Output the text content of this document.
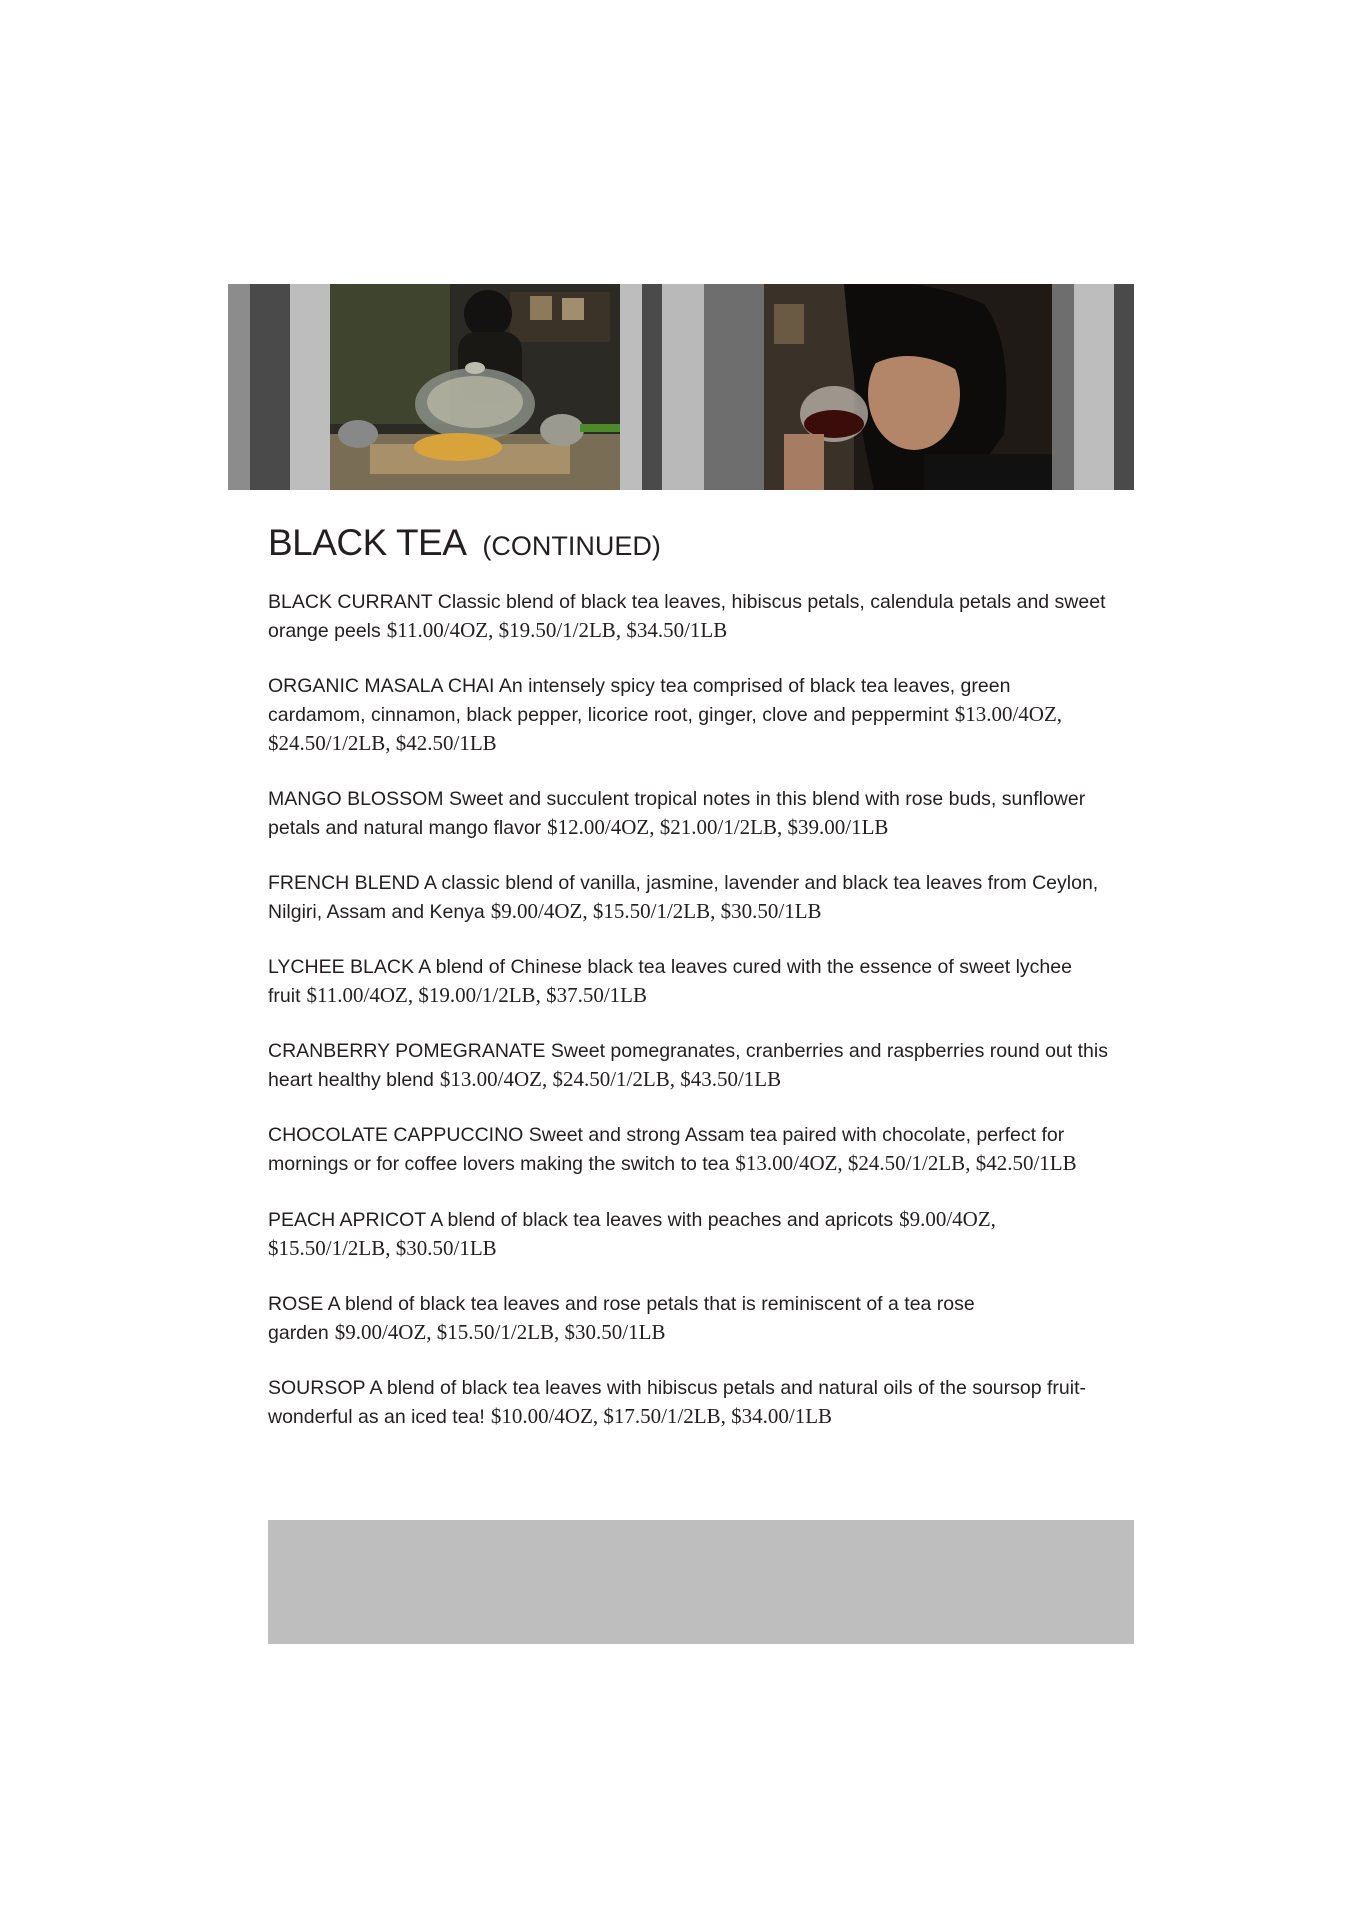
BLACK TEA (CONTINUED)

BLACK CURRANT Classic blend of black tea leaves, hibiscus petals, calendula petals and sweet orange peels $11.00/4OZ, $19.50/1/2LB, $34.50/1LB

ORGANIC MASALA CHAI An intensely spicy tea comprised of black tea leaves, green cardamom, cinnamon, black pepper, licorice root, ginger, clove and peppermint $13.00/4OZ, $24.50/1/2LB, $42.50/1LB

MANGO BLOSSOM Sweet and succulent tropical notes in this blend with rose buds, sunflower petals and natural mango flavor $12.00/4OZ, $21.00/1/2LB, $39.00/1LB

FRENCH BLEND A classic blend of vanilla, jasmine, lavender and black tea leaves from Ceylon, Nilgiri, Assam and Kenya $9.00/4OZ, $15.50/1/2LB, $30.50/1LB

LYCHEE BLACK A blend of Chinese black tea leaves cured with the essence of sweet lychee fruit $11.00/4OZ, $19.00/1/2LB, $37.50/1LB

CRANBERRY POMEGRANATE Sweet pomegranates, cranberries and raspberries round out this heart healthy blend $13.00/4OZ, $24.50/1/2LB, $43.50/1LB

CHOCOLATE CAPPUCCINO Sweet and strong Assam tea paired with chocolate, perfect for mornings or for coffee lovers making the switch to tea $13.00/4OZ, $24.50/1/2LB, $42.50/1LB

PEACH APRICOT A blend of black tea leaves with peaches and apricots $9.00/4OZ, $15.50/1/2LB, $30.50/1LB

ROSE A blend of black tea leaves and rose petals that is reminiscent of a tea rose garden $9.00/4OZ, $15.50/1/2LB, $30.50/1LB

SOURSOP A blend of black tea leaves with hibiscus petals and natural oils of the soursop fruit- wonderful as an iced tea! $10.00/4OZ, $17.50/1/2LB, $34.00/1LB
